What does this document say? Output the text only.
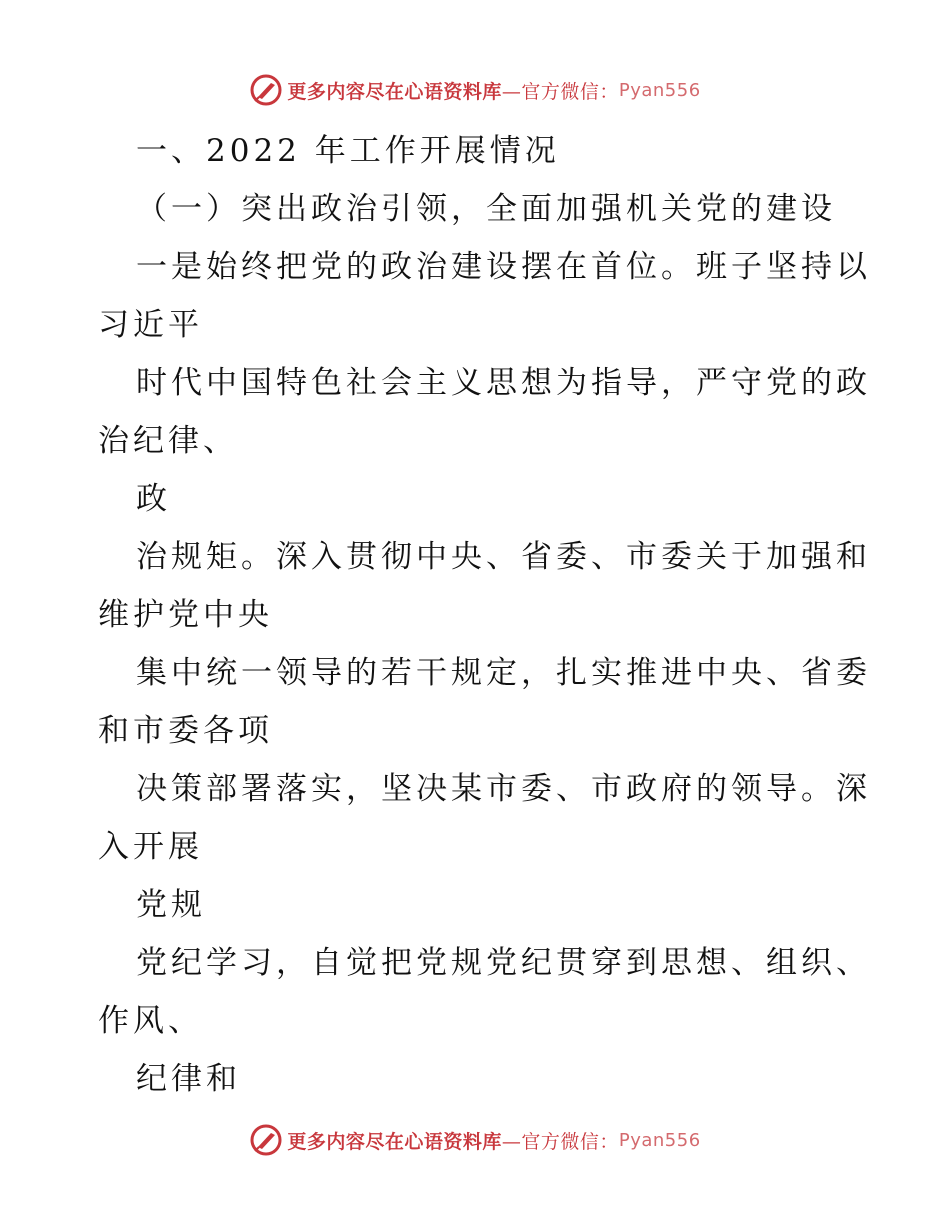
更多内容尽在心语资料库 —官方微信： Pyan556

一、2022 年工作开展情况

（一）突出政治引领，全面加强机关党的建设

一是始终把党的政治建设摆在首位。班子坚持以

习近平

时代中国特色社会主义思想为指导，严守党的政

治纪律、

政

治规矩。深入贯彻中央、省委、市委关于加强和

维护党中央

集中统一领导的若干规定，扎实推进中央、省委

和市委各项

决策部署落实，坚决某市委、市政府的领导。深

入开展

党规

党纪学习，自觉把党规党纪贯穿到思想、组织、

作风、

纪律和

更多内容尽在心语资料库 —官方微信： Pyan556
